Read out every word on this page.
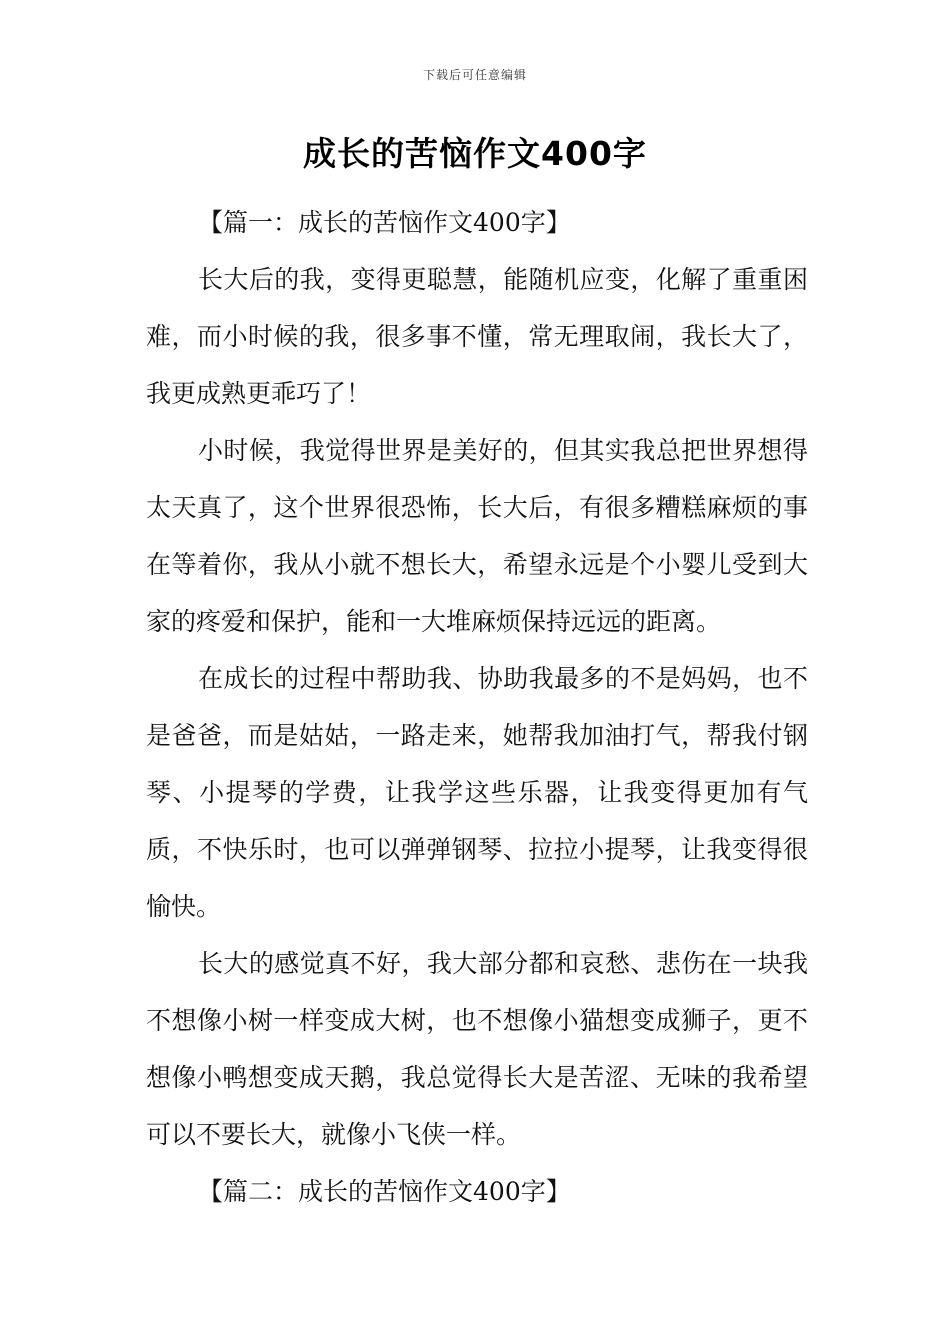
下载后可任意编辑
成长的苦恼作文400字

【篇一：成长的苦恼作文400字】

长大后的我，变得更聪慧，能随机应变，化解了重重困难，而小时候的我，很多事不懂，常无理取闹，我长大了，我更成熟更乖巧了！

小时候，我觉得世界是美好的，但其实我总把世界想得太天真了，这个世界很恐怖，长大后，有很多糟糕麻烦的事在等着你，我从小就不想长大，希望永远是个小婴儿受到大家的疼爱和保护，能和一大堆麻烦保持远远的距离。

在成长的过程中帮助我、协助我最多的不是妈妈，也不是爸爸，而是姑姑，一路走来，她帮我加油打气，帮我付钢琴、小提琴的学费，让我学这些乐器，让我变得更加有气质，不快乐时，也可以弹弹钢琴、拉拉小提琴，让我变得很愉快。

长大的感觉真不好，我大部分都和哀愁、悲伤在一块我不想像小树一样变成大树，也不想像小猫想变成狮子，更不想像小鸭想变成天鹅，我总觉得长大是苦涩、无味的我希望可以不要长大，就像小飞侠一样。

【篇二：成长的苦恼作文400字】
